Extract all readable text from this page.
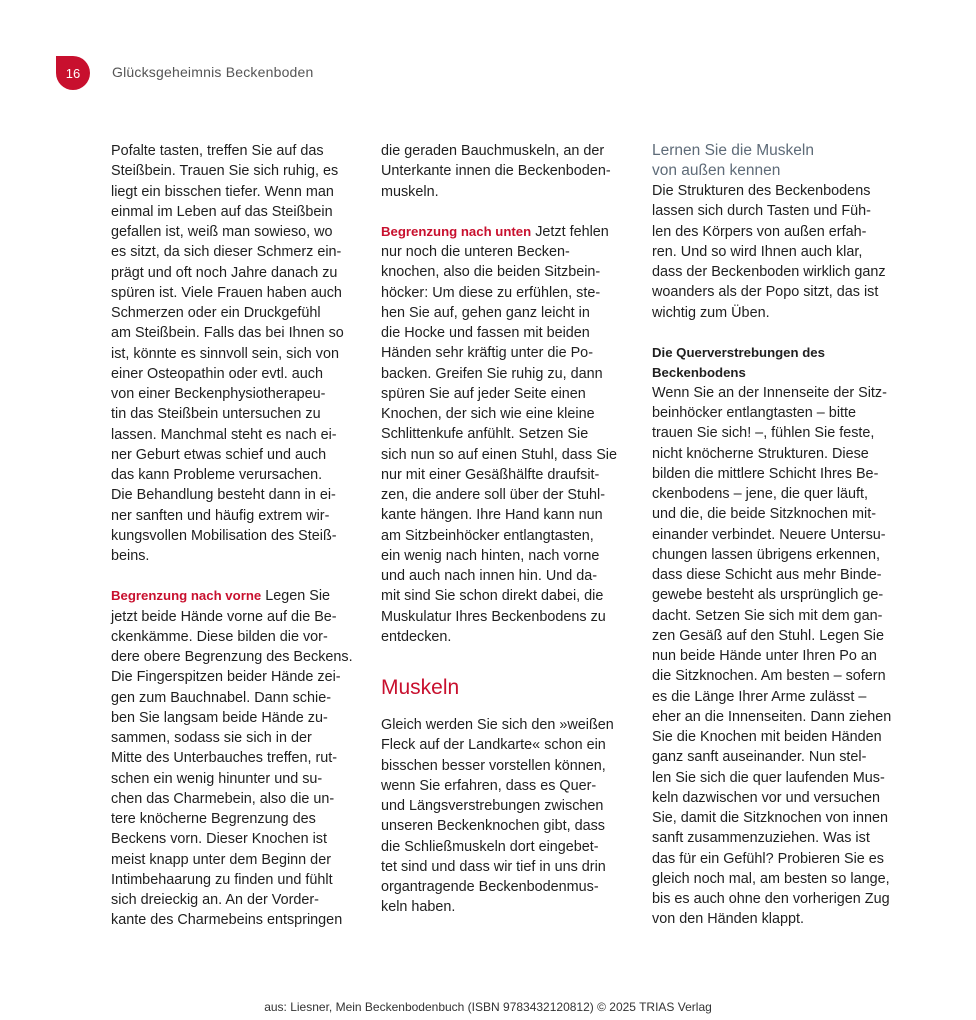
16 Glücksgeheimnis Beckenboden

Pofalte tasten, treffen Sie auf das
Steißbein. Trauen Sie sich ruhig, es
liegt ein bisschen tiefer. Wenn man
einmal im Leben auf das Steißbein
gefallen ist, weiß man sowieso, wo
es sitzt, da sich dieser Schmerz ein-
prägt und oft noch Jahre danach zu
spüren ist. Viele Frauen haben auch
Schmerzen oder ein Druckgefühl
am Steißbein. Falls das bei Ihnen so
ist, könnte es sinnvoll sein, sich von
einer Osteopathin oder evtl. auch
von einer Beckenphysiotherapeu-
tin das Steißbein untersuchen zu
lassen. Manchmal steht es nach ei-
ner Geburt etwas schief und auch
das kann Probleme verursachen.
Die Behandlung besteht dann in ei-
ner sanften und häufig extrem wir-
kungsvollen Mobilisation des Steiß-
beins.

Begrenzung nach vorne Legen Sie
jetzt beide Hände vorne auf die Be-
ckenkämme. Diese bilden die vor-
dere obere Begrenzung des Beckens.
Die Fingerspitzen beider Hände zei-
gen zum Bauchnabel. Dann schie-
ben Sie langsam beide Hände zu-
sammen, sodass sie sich in der
Mitte des Unterbauches treffen, rut-
schen ein wenig hinunter und su-
chen das Charmebein, also die un-
tere knöcherne Begrenzung des
Beckens vorn. Dieser Knochen ist
meist knapp unter dem Beginn der
Intimbehaarung zu finden und fühlt
sich dreieckig an. An der Vorder-
kante des Charmebeins entspringen

die geraden Bauchmuskeln, an der
Unterkante innen die Beckenboden-
muskeln.

Begrenzung nach unten Jetzt fehlen
nur noch die unteren Becken-
knochen, also die beiden Sitzbein-
höcker: Um diese zu erfühlen, ste-
hen Sie auf, gehen ganz leicht in
die Hocke und fassen mit beiden
Händen sehr kräftig unter die Po-
backen. Greifen Sie ruhig zu, dann
spüren Sie auf jeder Seite einen
Knochen, der sich wie eine kleine
Schlittenkufe anfühlt. Setzen Sie
sich nun so auf einen Stuhl, dass Sie
nur mit einer Gesäßhälfte draufsit-
zen, die andere soll über der Stuhl-
kante hängen. Ihre Hand kann nun
am Sitzbeinhöcker entlangtasten,
ein wenig nach hinten, nach vorne
und auch nach innen hin. Und da-
mit sind Sie schon direkt dabei, die
Muskulatur Ihres Beckenbodens zu
entdecken.

Muskeln

Gleich werden Sie sich den »weißen
Fleck auf der Landkarte« schon ein
bisschen besser vorstellen können,
wenn Sie erfahren, dass es Quer-
und Längsverstrebungen zwischen
unseren Beckenknochen gibt, dass
die Schließmuskeln dort eingebet-
tet sind und dass wir tief in uns drin
organtragende Beckenbodenmus-
keln haben.

Lernen Sie die Muskeln
von außen kennen

Die Strukturen des Beckenbodens
lassen sich durch Tasten und Füh-
len des Körpers von außen erfah-
ren. Und so wird Ihnen auch klar,
dass der Beckenboden wirklich ganz
woanders als der Popo sitzt, das ist
wichtig zum Üben.

Die Querverstrebungen des
Beckenbodens

Wenn Sie an der Innenseite der Sitz-
beinhöcker entlangtasten – bitte
trauen Sie sich! –, fühlen Sie feste,
nicht knöcherne Strukturen. Diese
bilden die mittlere Schicht Ihres Be-
ckenbodens – jene, die quer läuft,
und die, die beide Sitzknochen mit-
einander verbindet. Neuere Untersu-
chungen lassen übrigens erkennen,
dass diese Schicht aus mehr Binde-
gewebe besteht als ursprünglich ge-
dacht. Setzen Sie sich mit dem gan-
zen Gesäß auf den Stuhl. Legen Sie
nun beide Hände unter Ihren Po an
die Sitzknochen. Am besten – sofern
es die Länge Ihrer Arme zulässt –
eher an die Innenseiten. Dann ziehen
Sie die Knochen mit beiden Händen
ganz sanft auseinander. Nun stel-
len Sie sich die quer laufenden Mus-
keln dazwischen vor und versuchen
Sie, damit die Sitzknochen von innen
sanft zusammenzuziehen. Was ist
das für ein Gefühl? Probieren Sie es
gleich noch mal, am besten so lange,
bis es auch ohne den vorherigen Zug
von den Händen klappt.

aus: Liesner, Mein Beckenbodenbuch (ISBN 9783432120812) © 2025 TRIAS Verlag
